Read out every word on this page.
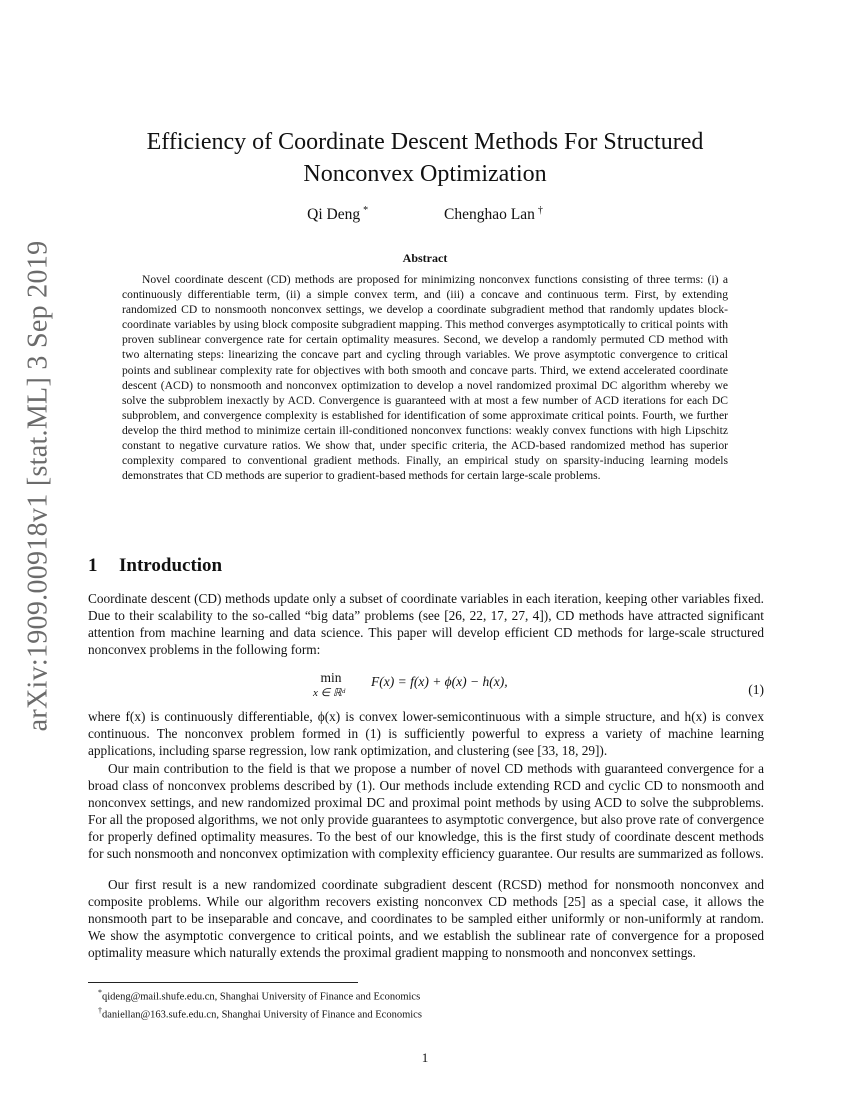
arXiv:1909.00918v1 [stat.ML] 3 Sep 2019
Efficiency of Coordinate Descent Methods For Structured Nonconvex Optimization
Qi Deng *	Chenghao Lan †
Abstract

Novel coordinate descent (CD) methods are proposed for minimizing nonconvex functions consisting of three terms: (i) a continuously differentiable term, (ii) a simple convex term, and (iii) a concave and continuous term. First, by extending randomized CD to nonsmooth nonconvex settings, we develop a coordinate subgradient method that randomly updates block-coordinate variables by using block composite subgradient mapping. This method converges asymptotically to critical points with proven sublinear convergence rate for certain optimality measures. Second, we develop a randomly permuted CD method with two alternating steps: linearizing the concave part and cycling through variables. We prove asymptotic convergence to critical points and sublinear complexity rate for objectives with both smooth and concave parts. Third, we extend accelerated coordinate descent (ACD) to nonsmooth and nonconvex optimization to develop a novel randomized proximal DC algorithm whereby we solve the subproblem inexactly by ACD. Convergence is guaranteed with at most a few number of ACD iterations for each DC subproblem, and convergence complexity is established for identification of some approximate critical points. Fourth, we further develop the third method to minimize certain ill-conditioned nonconvex functions: weakly convex functions with high Lipschitz constant to negative curvature ratios. We show that, under specific criteria, the ACD-based randomized method has superior complexity compared to conventional gradient methods. Finally, an empirical study on sparsity-inducing learning models demonstrates that CD methods are superior to gradient-based methods for certain large-scale problems.

1 Introduction

Coordinate descent (CD) methods update only a subset of coordinate variables in each iteration, keeping other variables fixed. Due to their scalability to the so-called “big data” problems (see [26, 22, 17, 27, 4]), CD methods have attracted significant attention from machine learning and data science. This paper will develop efficient CD methods for large-scale structured nonconvex problems in the following form:

min
x ∈ ℝᵈ
F(x) = f(x) + ϕ(x) − h(x),
(1)

where f(x) is continuously differentiable, ϕ(x) is convex lower-semicontinuous with a simple structure, and h(x) is convex continuous. The nonconvex problem formed in (1) is sufficiently powerful to express a variety of machine learning applications, including sparse regression, low rank optimization, and clustering (see [33, 18, 29]).

Our main contribution to the field is that we propose a number of novel CD methods with guaranteed convergence for a broad class of nonconvex problems described by (1). Our methods include extending RCD and cyclic CD to nonsmooth and nonconvex settings, and new randomized proximal DC and proximal point methods by using ACD to solve the subproblems. For all the proposed algorithms, we not only provide guarantees to asymptotic convergence, but also prove rate of convergence for properly defined optimality measures. To the best of our knowledge, this is the first study of coordinate descent methods for such nonsmooth and nonconvex optimization with complexity efficiency guarantee. Our results are summarized as follows.

Our first result is a new randomized coordinate subgradient descent (RCSD) method for nonsmooth nonconvex and composite problems. While our algorithm recovers existing nonconvex CD methods [25] as a special case, it allows the nonsmooth part to be inseparable and concave, and coordinates to be sampled either uniformly or non-uniformly at random. We show the asymptotic convergence to critical points, and we establish the sublinear rate of convergence for a proposed optimality measure which naturally extends the proximal gradient mapping to nonsmooth and nonconvex settings.

*qideng@mail.shufe.edu.cn, Shanghai University of Finance and Economics
†daniellan@163.sufe.edu.cn, Shanghai University of Finance and Economics
1
